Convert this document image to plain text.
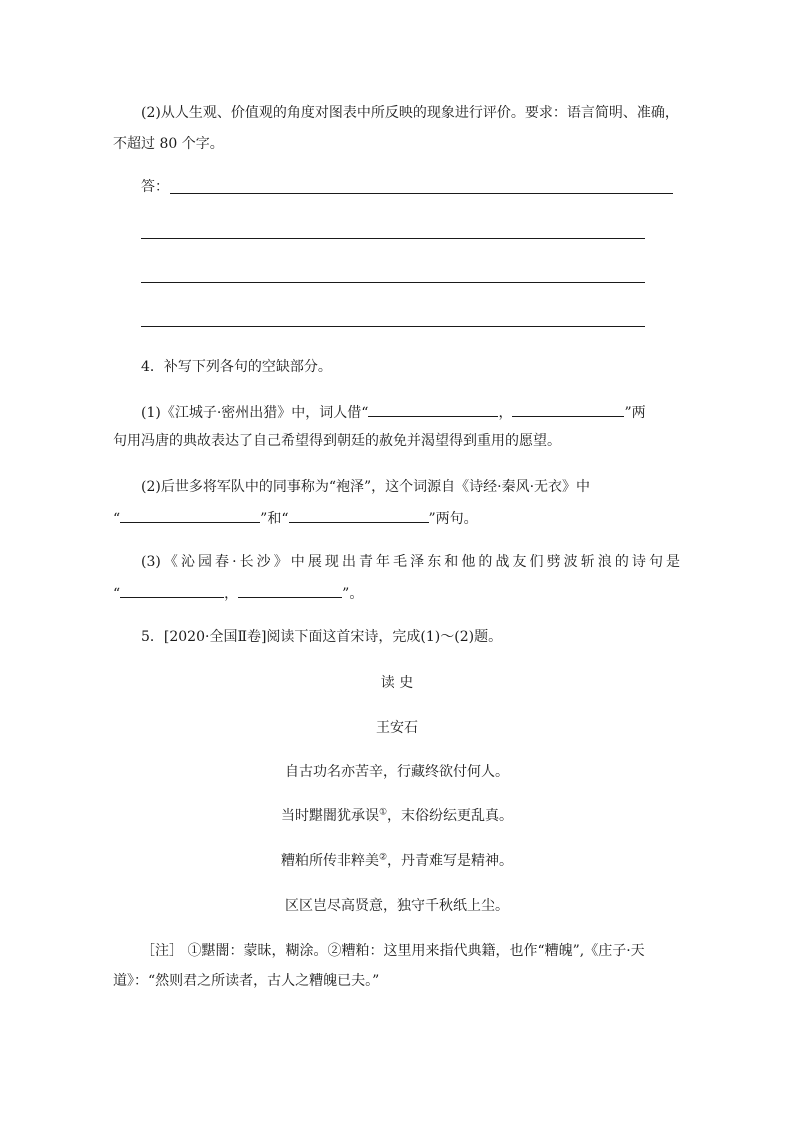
(2)从人生观、价值观的角度对图表中所反映的现象进行评价。要求：语言简明、准确，
不超过 80 个字。
答：
4．补写下列各句的空缺部分。
(1)《江城子·密州出猎》中，词人借“	，	”两
句用冯唐的典故表达了自己希望得到朝廷的赦免并渴望得到重用的愿望。
(2)后世多将军队中的同事称为“袍泽”，这个词源自《诗经·秦风·无衣》中
“	”和“	”两句。
(3)《沁园春·长沙》中展现出青年毛泽东和他的战友们劈波斩浪的诗句是
“	，	”。
5．[2020·全国Ⅱ卷]阅读下面这首宋诗，完成(1)～(2)题。
读 史
王安石
自古功名亦苦辛，行藏终欲付何人。
当时黮闇犹承误①，末俗纷纭更乱真。
糟粕所传非粹美②，丹青难写是精神。
区区岂尽高贤意，独守千秋纸上尘。
［注］ ①黮闇：蒙昧，糊涂。②糟粕：这里用来指代典籍，也作“糟魄”,《庄子·天
道》：“然则君之所读者，古人之糟魄已夫。”
